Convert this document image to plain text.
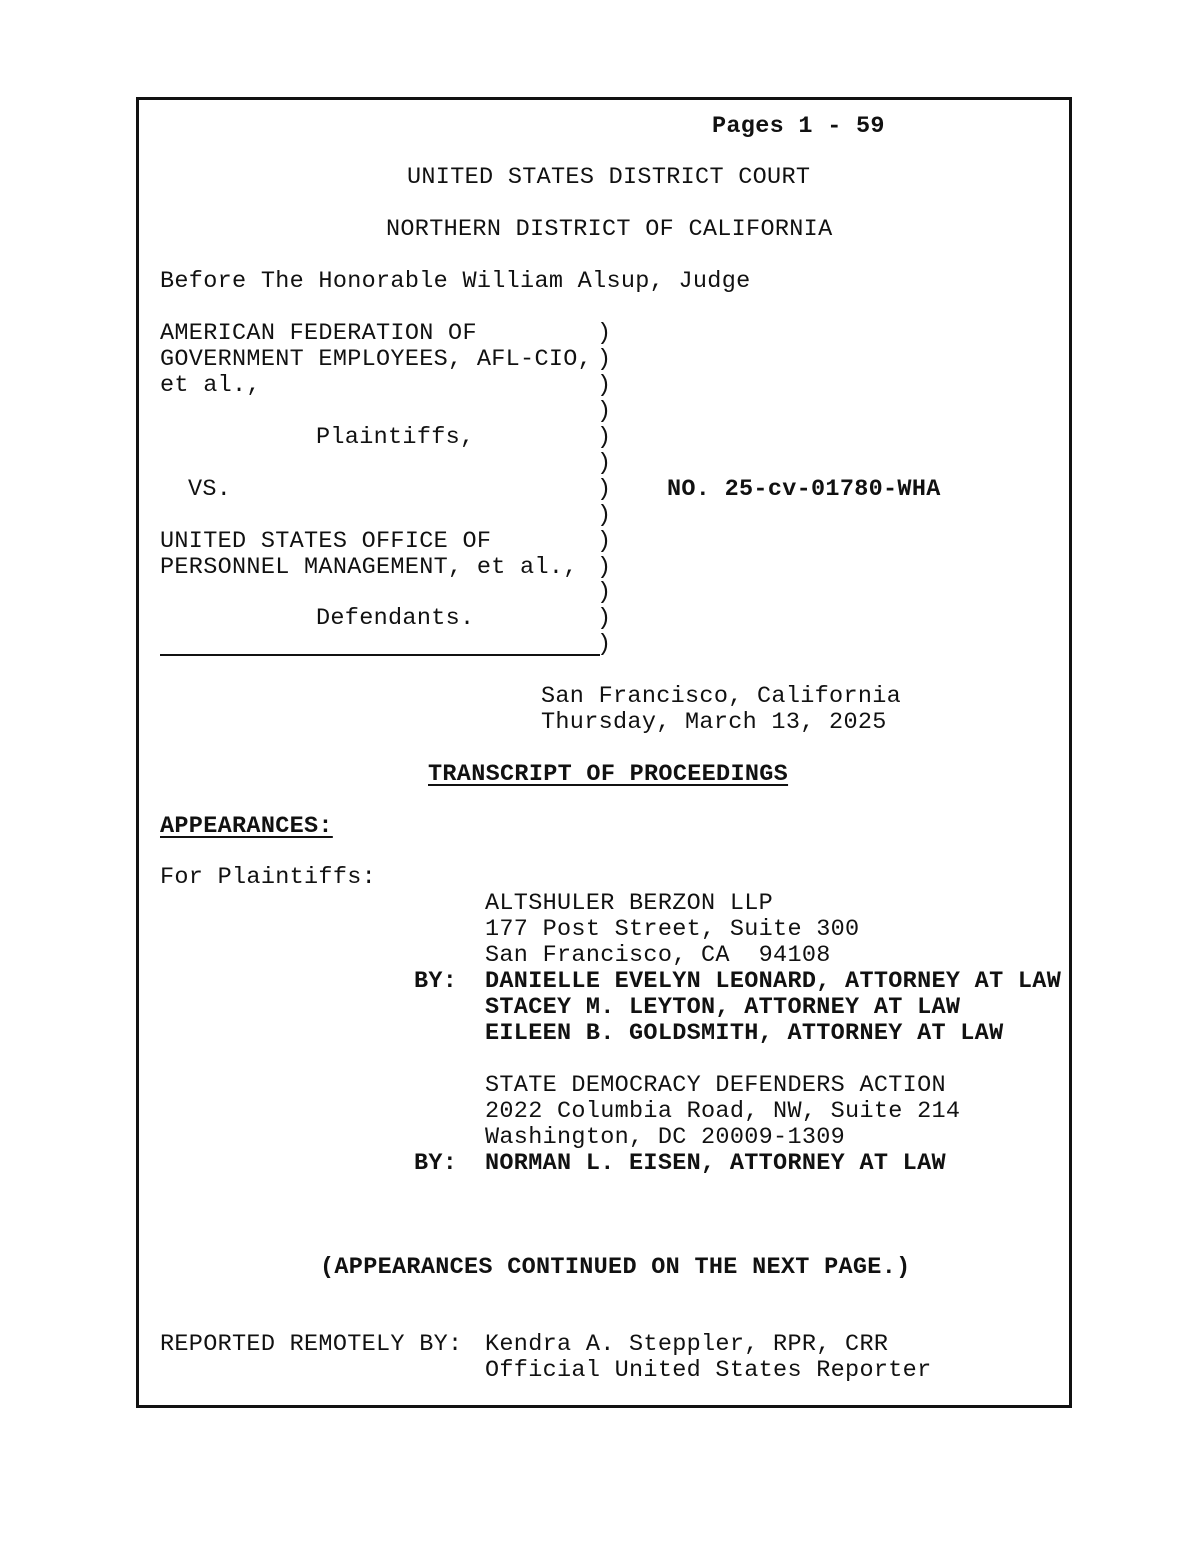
Pages 1 - 59

UNITED STATES DISTRICT COURT

NORTHERN DISTRICT OF CALIFORNIA

Before The Honorable William Alsup, Judge

AMERICAN FEDERATION OF

GOVERNMENT EMPLOYEES, AFL-CIO,

et al.,

Plaintiffs,

VS.

UNITED STATES OFFICE OF

PERSONNEL MANAGEMENT, et al.,

Defendants.

)

)

)

)

)

)

)

)

)

)

)

)

)

NO. 25-cv-01780-WHA

San Francisco, California

Thursday, March 13, 2025

TRANSCRIPT OF PROCEEDINGS

APPEARANCES:

For Plaintiffs:

ALTSHULER BERZON LLP

177 Post Street, Suite 300

San Francisco, CA  94108

BY: DANIELLE EVELYN LEONARD, ATTORNEY AT LAW

STACEY M. LEYTON, ATTORNEY AT LAW

EILEEN B. GOLDSMITH, ATTORNEY AT LAW

STATE DEMOCRACY DEFENDERS ACTION

2022 Columbia Road, NW, Suite 214

Washington, DC 20009-1309

BY: NORMAN L. EISEN, ATTORNEY AT LAW

(APPEARANCES CONTINUED ON THE NEXT PAGE.)

REPORTED REMOTELY BY: Kendra A. Steppler, RPR, CRR

Official United States Reporter
